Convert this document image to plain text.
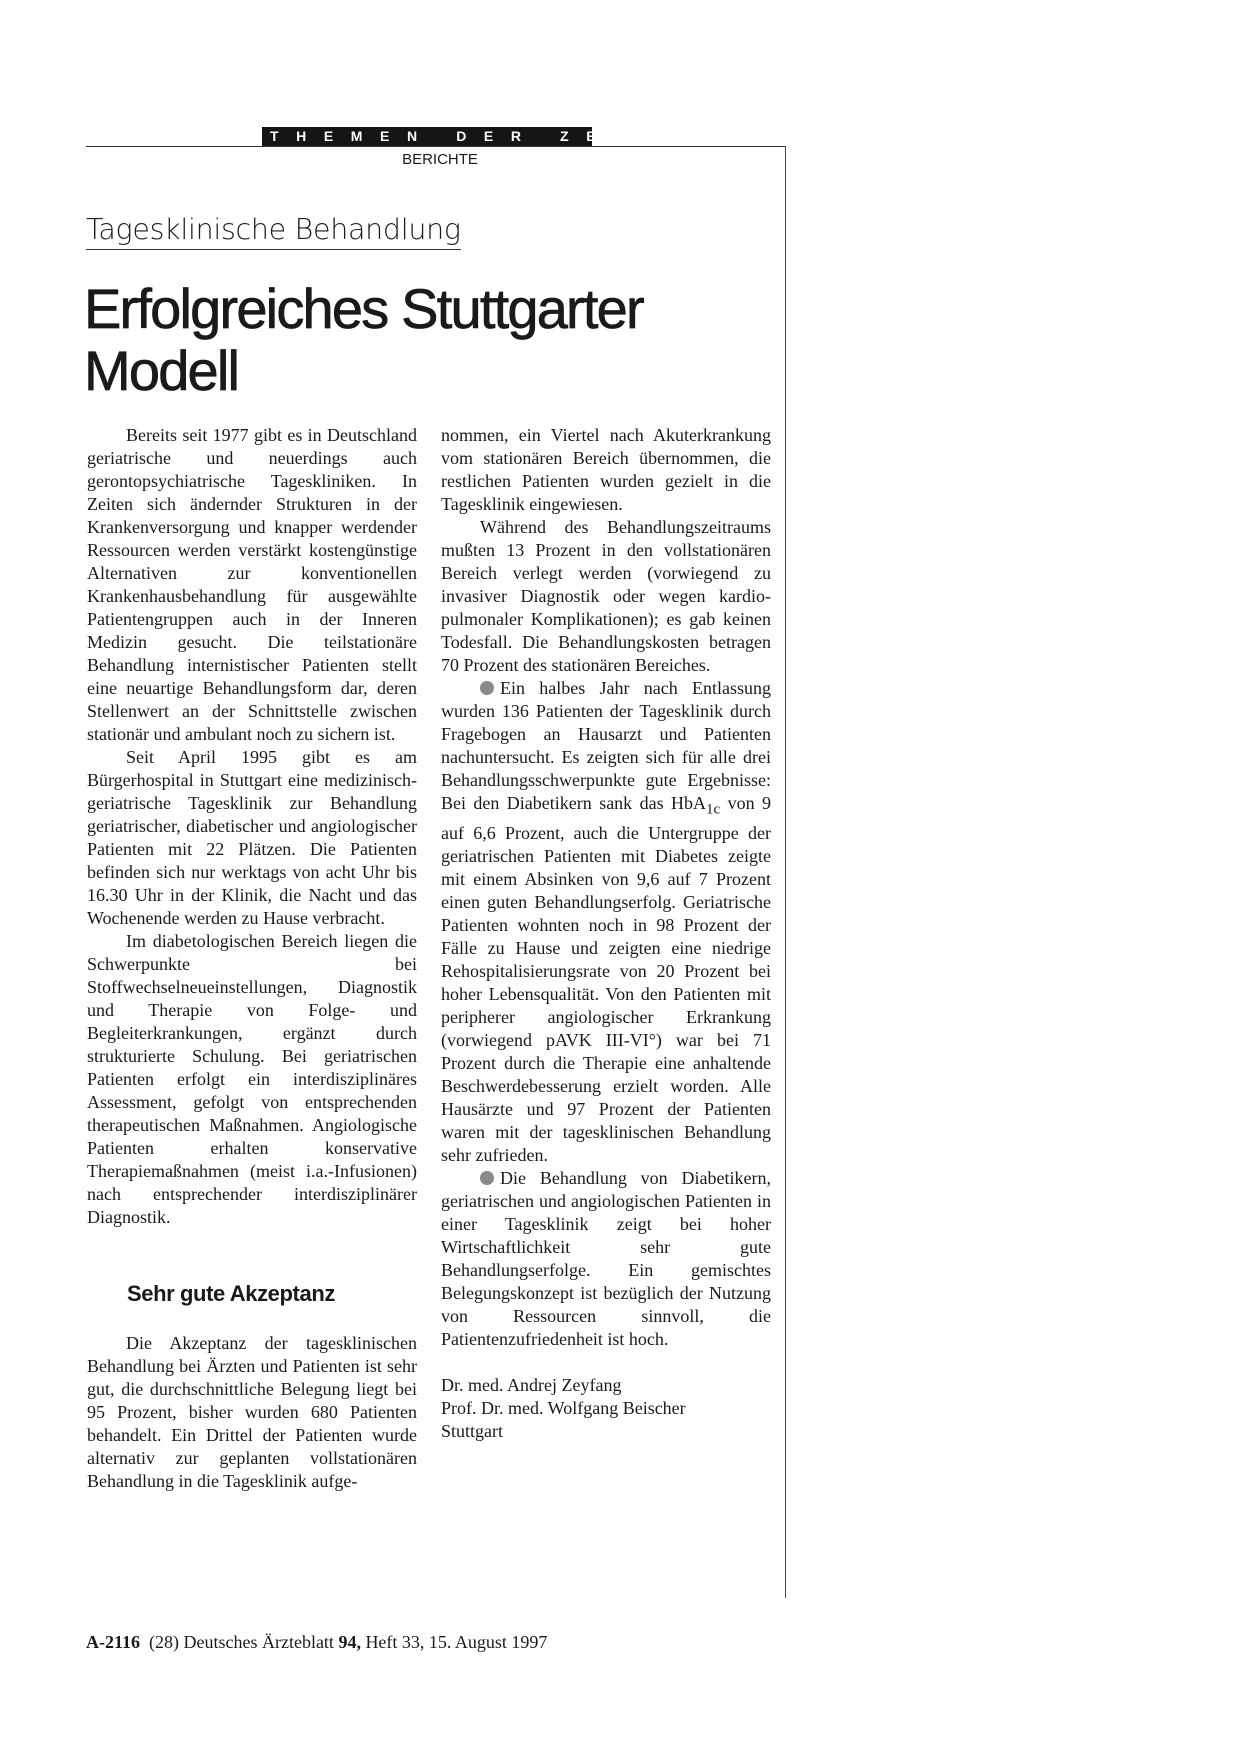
THEMEN DER ZEIT
BERICHTE
Tagesklinische Behandlung
Erfolgreiches Stuttgarter Modell

Bereits seit 1977 gibt es in Deutschland geriatrische und neuerdings auch gerontopsychiatrische Tageskliniken. In Zeiten sich ändernder Strukturen in der Krankenversorgung und knapper werdender Ressourcen werden verstärkt kostengünstige Alternativen zur konventionellen Krankenhausbehandlung für ausgewählte Patientengruppen auch in der Inneren Medizin gesucht. Die teilstationäre Behandlung internistischer Patienten stellt eine neuartige Behandlungsform dar, deren Stellenwert an der Schnittstelle zwischen stationär und ambulant noch zu sichern ist.

Seit April 1995 gibt es am Bürgerhospital in Stuttgart eine medizinisch-geriatrische Tagesklinik zur Behandlung geriatrischer, diabetischer und angiologischer Patienten mit 22 Plätzen. Die Patienten befinden sich nur werktags von acht Uhr bis 16.30 Uhr in der Klinik, die Nacht und das Wochenende werden zu Hause verbracht.

Im diabetologischen Bereich liegen die Schwerpunkte bei Stoffwechselneueinstellungen, Diagnostik und Therapie von Folge- und Begleiterkrankungen, ergänzt durch strukturierte Schulung. Bei geriatrischen Patienten erfolgt ein interdisziplinäres Assessment, gefolgt von entsprechenden therapeutischen Maßnahmen. Angiologische Patienten erhalten konservative Therapiemaßnahmen (meist i.a.-Infusionen) nach entsprechender interdisziplinärer Diagnostik.

Sehr gute Akzeptanz

Die Akzeptanz der tagesklinischen Behandlung bei Ärzten und Patienten ist sehr gut, die durchschnittliche Belegung liegt bei 95 Prozent, bisher wurden 680 Patienten behandelt. Ein Drittel der Patienten wurde alternativ zur geplanten vollstationären Behandlung in die Tagesklinik aufge-

nommen, ein Viertel nach Akuterkrankung vom stationären Bereich übernommen, die restlichen Patienten wurden gezielt in die Tagesklinik eingewiesen.

Während des Behandlungszeitraums mußten 13 Prozent in den vollstationären Bereich verlegt werden (vorwiegend zu invasiver Diagnostik oder wegen kardio-pulmonaler Komplikationen); es gab keinen Todesfall. Die Behandlungskosten betragen 70 Prozent des stationären Bereiches.

Ein halbes Jahr nach Entlassung wurden 136 Patienten der Tagesklinik durch Fragebogen an Hausarzt und Patienten nachuntersucht. Es zeigten sich für alle drei Behandlungsschwerpunkte gute Ergebnisse: Bei den Diabetikern sank das HbA$_{1c}$ von 9 auf 6,6 Prozent, auch die Untergruppe der geriatrischen Patienten mit Diabetes zeigte mit einem Absinken von 9,6 auf 7 Prozent einen guten Behandlungserfolg. Geriatrische Patienten wohnten noch in 98 Prozent der Fälle zu Hause und zeigten eine niedrige Rehospitalisierungsrate von 20 Prozent bei hoher Lebensqualität. Von den Patienten mit peripherer angiologischer Erkrankung (vorwiegend pAVK III-VI°) war bei 71 Prozent durch die Therapie eine anhaltende Beschwerdebesserung erzielt worden. Alle Hausärzte und 97 Prozent der Patienten waren mit der tagesklinischen Behandlung sehr zufrieden.

Die Behandlung von Diabetikern, geriatrischen und angiologischen Patienten in einer Tagesklinik zeigt bei hoher Wirtschaftlichkeit sehr gute Behandlungserfolge. Ein gemischtes Belegungskonzept ist bezüglich der Nutzung von Ressourcen sinnvoll, die Patientenzufriedenheit ist hoch.

Dr. med. Andrej Zeyfang
Prof. Dr. med. Wolfgang Beischer
Stuttgart
A-2116 (28) Deutsches Ärzteblatt 94, Heft 33, 15. August 1997
